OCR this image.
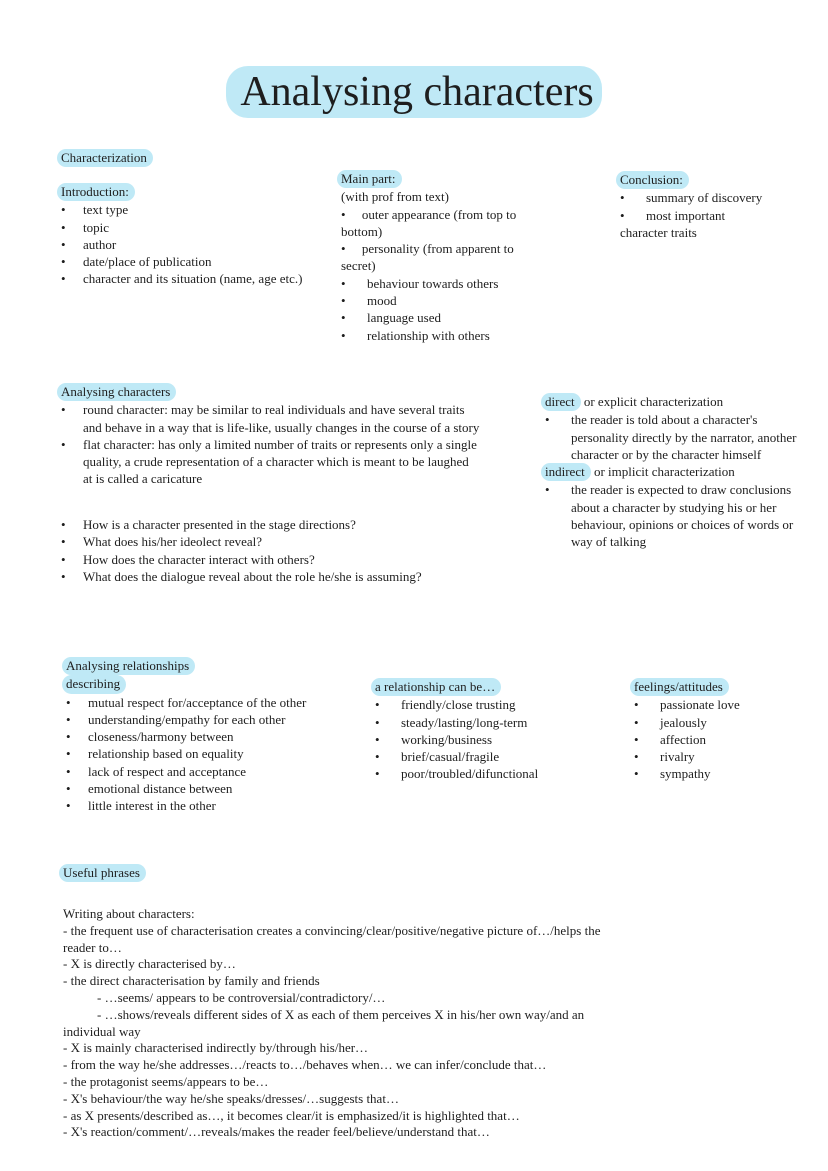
Analysing characters
Characterization
Introduction:
• text type
• topic
• author
• date/place of publication
• character and its situation (name, age etc.)
Main part:
(with prof from text)
•     outer appearance (from top to
bottom)
•     personality (from apparent to
secret)
• behaviour towards others
• mood
• language used
• relationship with others
Conclusion:
• summary of discovery
• most important
character traits
Analysing characters
• round character: may be similar to real individuals and have several traits and behave in a way that is life-like, usually changes in the course of a story
• flat character: has only a limited number of traits or represents only a single quality, a crude representation of a character which is meant to be laughed at is called a caricature
• How is a character presented in the stage directions?
• What does his/her ideolect reveal?
• How does the character interact with others?
• What does the dialogue reveal about the role he/she is assuming?
direct or explicit characterization
• the reader is told about a character's personality directly by the narrator, another character or by the character himself
indirect or implicit characterization
• the reader is expected to draw conclusions about a character by studying his or her behaviour, opinions or choices of words or way of talking
Analysing relationships
describing
• mutual respect for/acceptance of the other
• understanding/empathy for each other
• closeness/harmony between
• relationship based on equality
• lack of respect and acceptance
• emotional distance between
• little interest in the other
a relationship can be…
• friendly/close trusting
• steady/lasting/long-term
• working/business
• brief/casual/fragile
• poor/troubled/difunctional
feelings/attitudes
• passionate love
• jealously
• affection
• rivalry
• sympathy
Useful phrases
Writing about characters:
- the frequent use of characterisation creates a convincing/clear/positive/negative picture of…/helps the
reader to…
- X is directly characterised by…
- the direct characterisation by family and friends
- …seems/ appears to be controversial/contradictory/…
- …shows/reveals different sides of X as each of them perceives X in his/her own way/and an
individual way
- X is mainly characterised indirectly by/through his/her…
- from the way he/she addresses…/reacts to…/behaves when… we can infer/conclude that…
- the protagonist seems/appears to be…
- X's behaviour/the way he/she speaks/dresses/…suggests that…
- as X presents/described as…, it becomes clear/it is emphasized/it is highlighted that…
- X's reaction/comment/…reveals/makes the reader feel/believe/understand that…
